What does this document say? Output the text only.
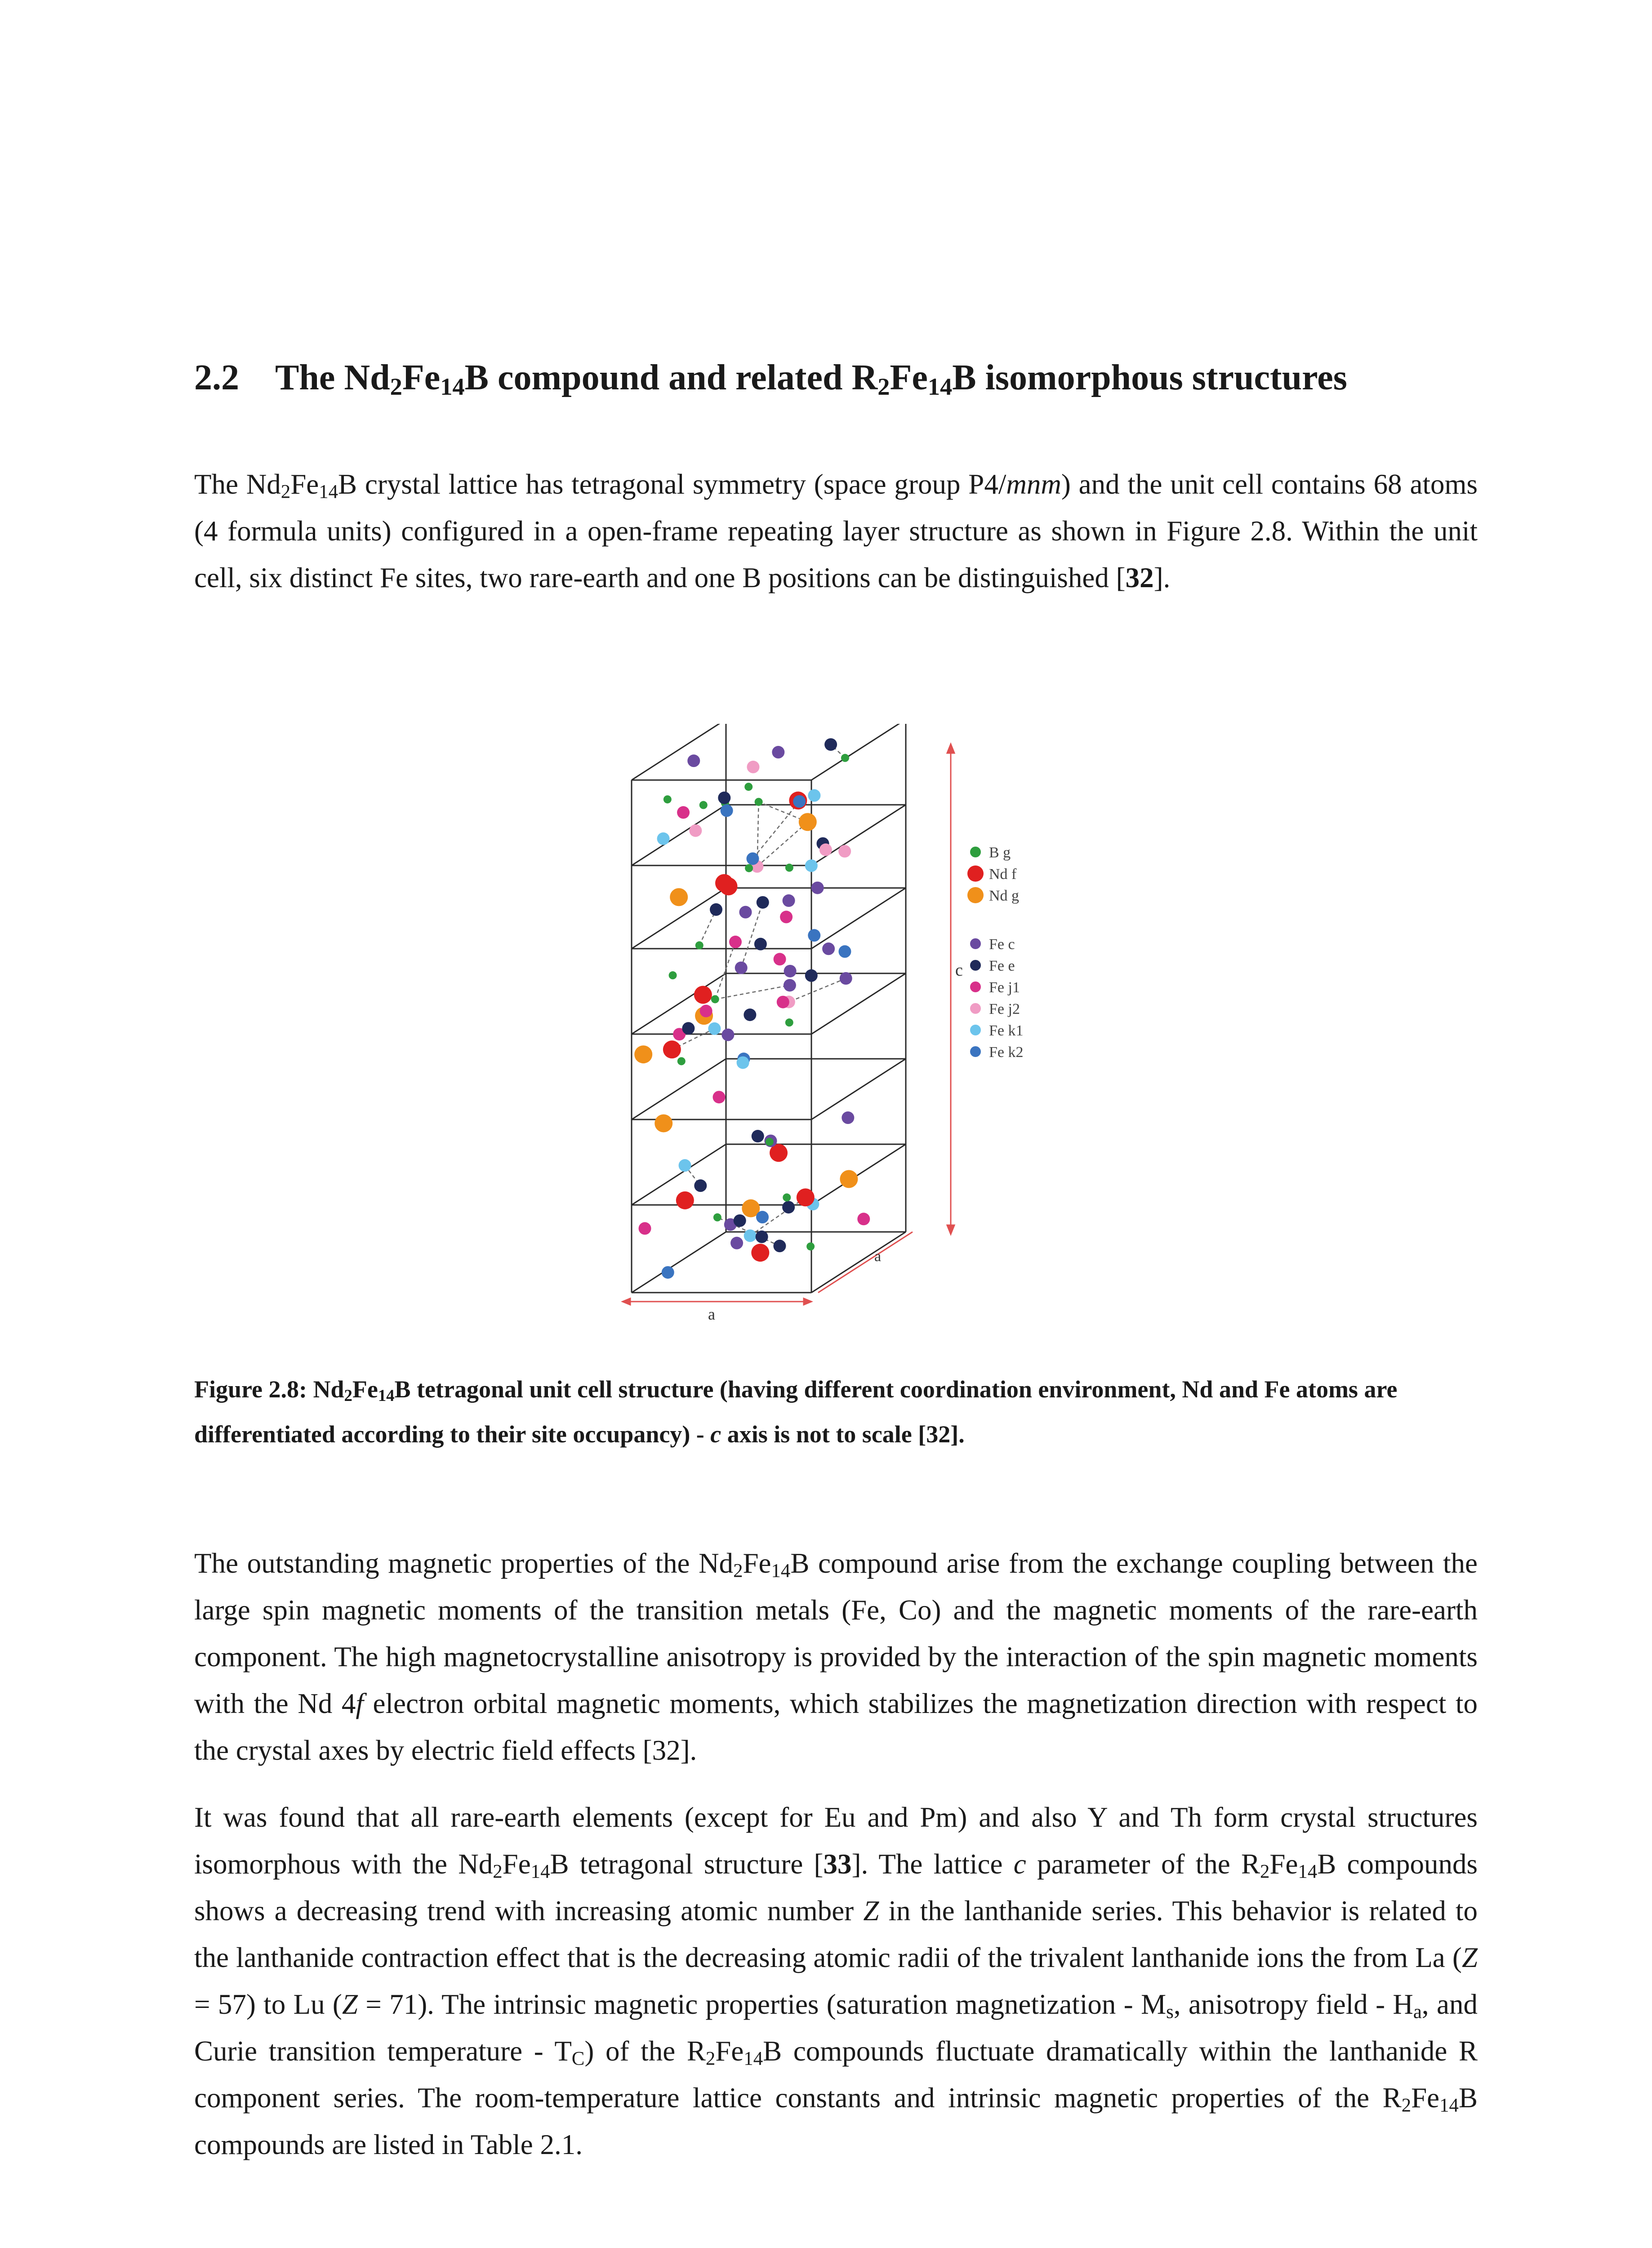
2.2 The $Nd_2Fe_{14}B$ compound and related $R_2Fe_{14}B$ isomorphous structures

The $Nd_2Fe_{14}B$ crystal lattice has tetragonal symmetry (space group P4/mnm) and the unit cell contains 68 atoms (4 formula units) configured in a open-frame repeating layer structure as shown in Figure 2.8. Within the unit cell, six distinct Fe sites, two rare-earth and one B positions can be distinguished [32].

c
a
a
B g
Nd f
Nd g
Fe c
Fe e
Fe j1
Fe j2
Fe k1
Fe k2

Figure 2.8: $Nd_2Fe_{14}B$ tetragonal unit cell structure (having different coordination environment, Nd and Fe atoms are differentiated according to their site occupancy) - c axis is not to scale [32].

The outstanding magnetic properties of the $Nd_2Fe_{14}B$ compound arise from the exchange coupling between the large spin magnetic moments of the transition metals (Fe, Co) and the magnetic moments of the rare-earth component. The high magnetocrystalline anisotropy is provided by the interaction of the spin magnetic moments with the Nd 4f electron orbital magnetic moments, which stabilizes the magnetization direction with respect to the crystal axes by electric field effects [32].

It was found that all rare-earth elements (except for Eu and Pm) and also Y and Th form crystal structures isomorphous with the $Nd_2Fe_{14}B$ tetragonal structure [33]. The lattice c parameter of the $R_2Fe_{14}B$ compounds shows a decreasing trend with increasing atomic number Z in the lanthanide series. This behavior is related to the lanthanide contraction effect that is the decreasing atomic radii of the trivalent lanthanide ions the from La (Z = 57) to Lu (Z = 71). The intrinsic magnetic properties (saturation magnetization - $M_s$, anisotropy field - $H_a$, and Curie transition temperature - $T_C$) of the $R_2Fe_{14}B$ compounds fluctuate dramatically within the lanthanide R component series. The room-temperature lattice constants and intrinsic magnetic properties of the $R_2Fe_{14}B$ compounds are listed in Table 2.1.
